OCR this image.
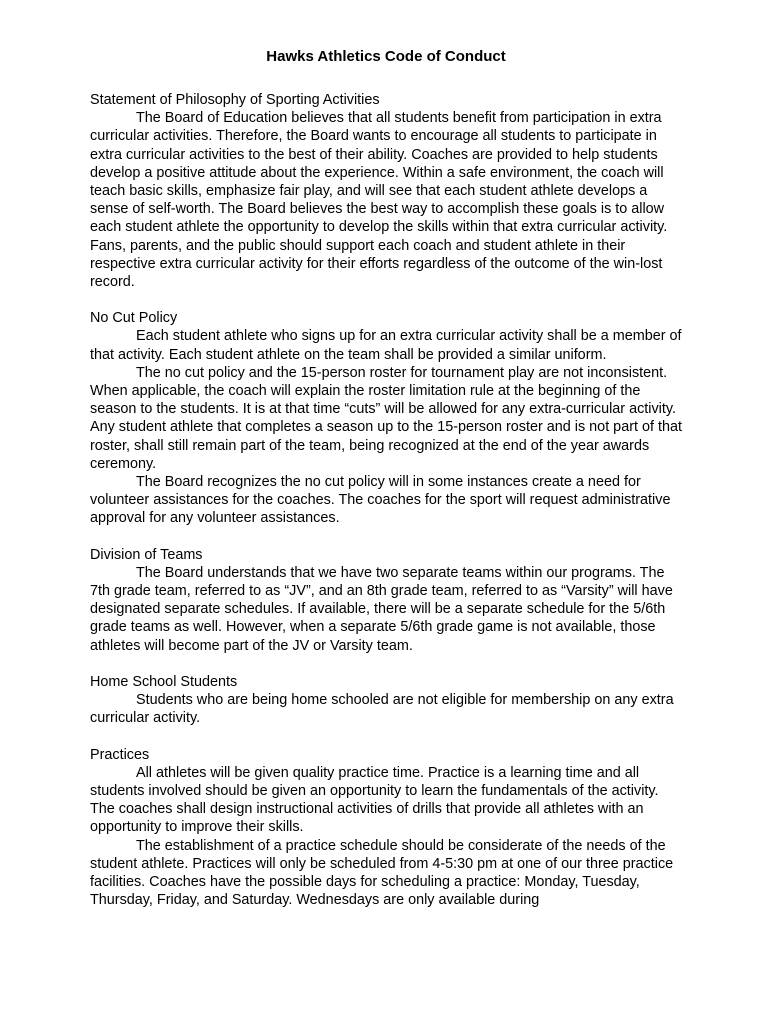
Hawks Athletics Code of Conduct

Statement of Philosophy of Sporting Activities

The Board of Education believes that all students benefit from participation in extra curricular activities. Therefore, the Board wants to encourage all students to participate in extra curricular activities to the best of their ability. Coaches are provided to help students develop a positive attitude about the experience. Within a safe environment, the coach will teach basic skills, emphasize fair play, and will see that each student athlete develops a sense of self-worth. The Board believes the best way to accomplish these goals is to allow each student athlete the opportunity to develop the skills within that extra curricular activity. Fans, parents, and the public should support each coach and student athlete in their respective extra curricular activity for their efforts regardless of the outcome of the win-lost record.

No Cut Policy

Each student athlete who signs up for an extra curricular activity shall be a member of that activity. Each student athlete on the team shall be provided a similar uniform.

The no cut policy and the 15-person roster for tournament play are not inconsistent. When applicable, the coach will explain the roster limitation rule at the beginning of the season to the students. It is at that time “cuts” will be allowed for any extra-curricular activity. Any student athlete that completes a season up to the 15-person roster and is not part of that roster, shall still remain part of the team, being recognized at the end of the year awards ceremony.

The Board recognizes the no cut policy will in some instances create a need for volunteer assistances for the coaches. The coaches for the sport will request administrative approval for any volunteer assistances.

Division of Teams

The Board understands that we have two separate teams within our programs. The 7th grade team, referred to as “JV”, and an 8th grade team, referred to as “Varsity” will have designated separate schedules. If available, there will be a separate schedule for the 5/6th grade teams as well. However, when a separate 5/6th grade game is not available, those athletes will become part of the JV or Varsity team.

Home School Students

Students who are being home schooled are not eligible for membership on any extra curricular activity.

Practices

All athletes will be given quality practice time. Practice is a learning time and all students involved should be given an opportunity to learn the fundamentals of the activity. The coaches shall design instructional activities of drills that provide all athletes with an opportunity to improve their skills.

The establishment of a practice schedule should be considerate of the needs of the student athlete. Practices will only be scheduled from 4-5:30 pm at one of our three practice facilities. Coaches have the possible days for scheduling a practice: Monday, Tuesday, Thursday, Friday, and Saturday. Wednesdays are only available during
